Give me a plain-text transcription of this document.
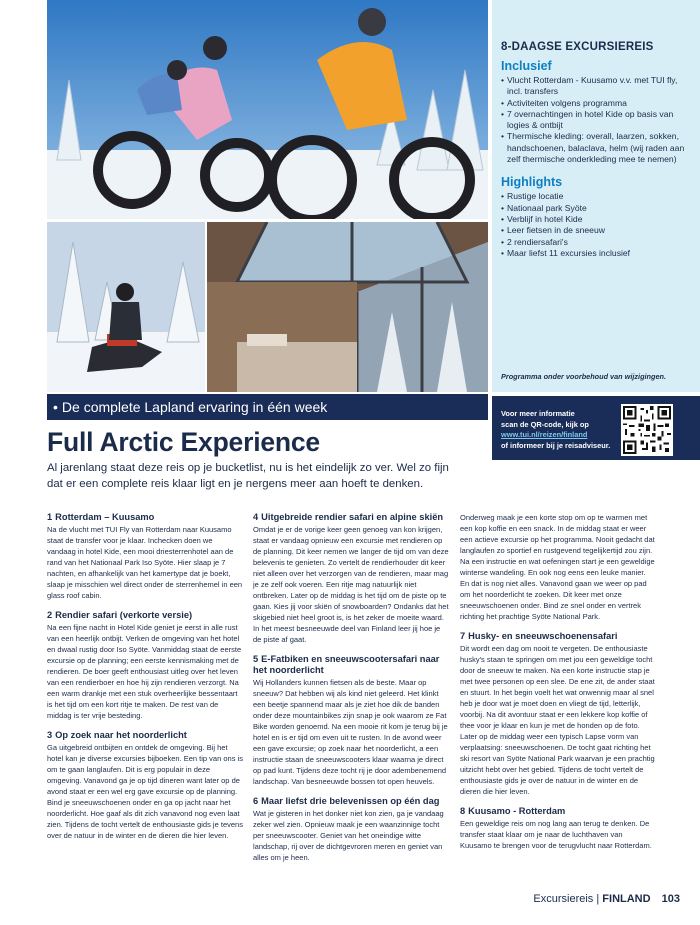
8-DAAGSE EXCURSIEREIS
Inclusief
• Vlucht Rotterdam - Kuusamo v.v. met TUI fly, incl. transfers
• Activiteiten volgens programma
• 7 overnachtingen in hotel Kide op basis van logies & ontbijt
• Thermische kleding: overall, laarzen, sokken, handschoenen, balaclava, helm (wij raden aan zelf thermische onderkleding mee te nemen)
Highlights
• Rustige locatie
• Nationaal park Syöte
• Verblijf in hotel Kide
• Leer fietsen in de sneeuw
• 2 rendiersafari's
• Maar liefst 11 excursies inclusief
Programma onder voorbehoud van wijzigingen.
• De complete Lapland ervaring in één week	Voor meer informatie
scan de QR-code, kijk op
www.tui.nl/reizen/finland
of informeer bij je reisadviseur.
Full Arctic Experience
Al jarenlang staat deze reis op je bucketlist, nu is het eindelijk zo ver. Wel zo fijn dat er een complete reis klaar ligt en je nergens meer aan hoeft te denken.
1 Rotterdam – Kuusamo

Na de vlucht met TUI Fly van Rotterdam naar Kuusamo staat de transfer voor je klaar. Inchecken doen we vandaag in hotel Kide, een mooi driesterrenhotel aan de rand van het Nationaal Park Iso Syöte. Hier slaap je 7 nachten, en afhankelijk van het kamertype dat je boekt, slaap je misschien wel direct onder de sterrenhemel in een glass roof cabin.

2 Rendier safari (verkorte versie)

Na een fijne nacht in Hotel Kide geniet je eerst in alle rust van een heerlijk ontbijt. Verken de omgeving van het hotel en dwaal rustig door Iso Syöte. Vanmiddag staat de eerste excursie op de planning; een eerste kennismaking met de rendieren. De boer geeft enthousiast uitleg over het leven van een rendierboer en hoe hij zijn rendieren verzorgt. Na een warm drankje met een stuk overheerlijke bessentaart is het tijd om een kort ritje te maken. De rest van de middag is ter vrije besteding.

3 Op zoek naar het noorderlicht

Ga uitgebreid ontbijten en ontdek de omgeving. Bij het hotel kan je diverse excursies bijboeken. Een tip van ons is om te gaan langlaufen. Dit is erg populair in deze omgeving. Vanavond ga je op tijd dineren want later op de avond staat er een wel erg gave excursie op de planning. Bind je sneeuwschoenen onder en ga op jacht naar het noorderlicht. Hoe gaaf als dit zich vanavond nog even laat zien. Tijdens de tocht vertelt de enthousiaste gids je tevens over de natuur in de winter en de dieren die hier leven.

4 Uitgebreide rendier safari en alpine skiën

Omdat je er de vorige keer geen genoeg van kon krijgen, staat er vandaag opnieuw een excursie met rendieren op de planning. Dit keer nemen we langer de tijd om van deze belevenis te genieten. Zo vertelt de rendierhouder dit keer niet alleen over het verzorgen van de rendieren, maar mag je ze zelf ook voeren. Een ritje mag natuurlijk niet ontbreken. Later op de middag is het tijd om de piste op te gaan. Kies jij voor skiën of snowboarden? Ondanks dat het skigebied niet heel groot is, is het zeker de moeite waard. In het meest besneeuwde deel van Finland leer jij hoe je de piste af gaat.

5 E-Fatbiken en sneeuwscootersafari naar het noorderlicht

Wij Hollanders kunnen fietsen als de beste. Maar op sneeuw? Dat hebben wij als kind niet geleerd. Het klinkt een beetje spannend maar als je ziet hoe dik de banden onder deze mountainbikes zijn snap je ook waarom ze Fat Bike worden genoemd. Na een mooie rit kom je terug bij je hotel en is er tijd om even uit te rusten. In de avond weer een gave excursie; op zoek naar het noorderlicht, a een instructie staan de sneeuwscooters klaar waarna je direct op pad kunt. Tijdens deze tocht rij je door adembenemend landschap. Van besneeuwde bossen tot open heuvels.

6 Maar liefst drie belevenissen op één dag

Wat je gisteren in het donker niet kon zien, ga je vandaag zeker wel zien. Opnieuw maak je een waanzinnige tocht per sneeuwscooter. Geniet van het oneindige witte landschap, rij over de dichtgevroren meren en geniet van alles om je heen.

Onderweg maak je een korte stop om op te warmen met een kop koffie en een snack. In de middag staat er weer een actieve excursie op het programma. Nooit gedacht dat langlaufen zo sportief en rustgevend tegelijkertijd zou zijn. Na een instructie en wat oefeningen start je een geweldige winterse wandeling. En ook nog eens een leuke manier. En dat is nog niet alles. Vanavond gaan we weer op pad om het noorderlicht te zoeken. Dit keer met onze sneeuwschoenen onder. Bind ze snel onder en vertrek richting het prachtige Syöte National Park.

7 Husky- en sneeuwschoenensafari

Dit wordt een dag om nooit te vergeten. De enthousiaste husky's staan te springen om met jou een geweldige tocht door de sneeuw te maken. Na een korte instructie stap je met twee personen op een slee. De ene zit, de ander staat en stuurt. In het begin voelt het wat onwennig maar al snel heb je door wat je moet doen en vliegt de tijd, letterlijk, voorbij. Na dit avontuur staat er een lekkere kop koffie of thee voor je klaar en kun je met de honden op de foto. Later op de middag weer een typisch Lapse vorm van verplaatsing: sneeuwschoenen. De tocht gaat richting het ski resort van Syöte National Park waarvan je een prachtig uitzicht hebt over het gebied. Tijdens de tocht vertelt de enthousiaste gids je over de natuur in de winter en de dieren die hier leven.

8 Kuusamo - Rotterdam

Een geweldige reis om nog lang aan terug te denken. De transfer staat klaar om je naar de luchthaven van Kuusamo te brengen voor de terugvlucht naar Rotterdam.

Excursiereis | FINLAND 103
